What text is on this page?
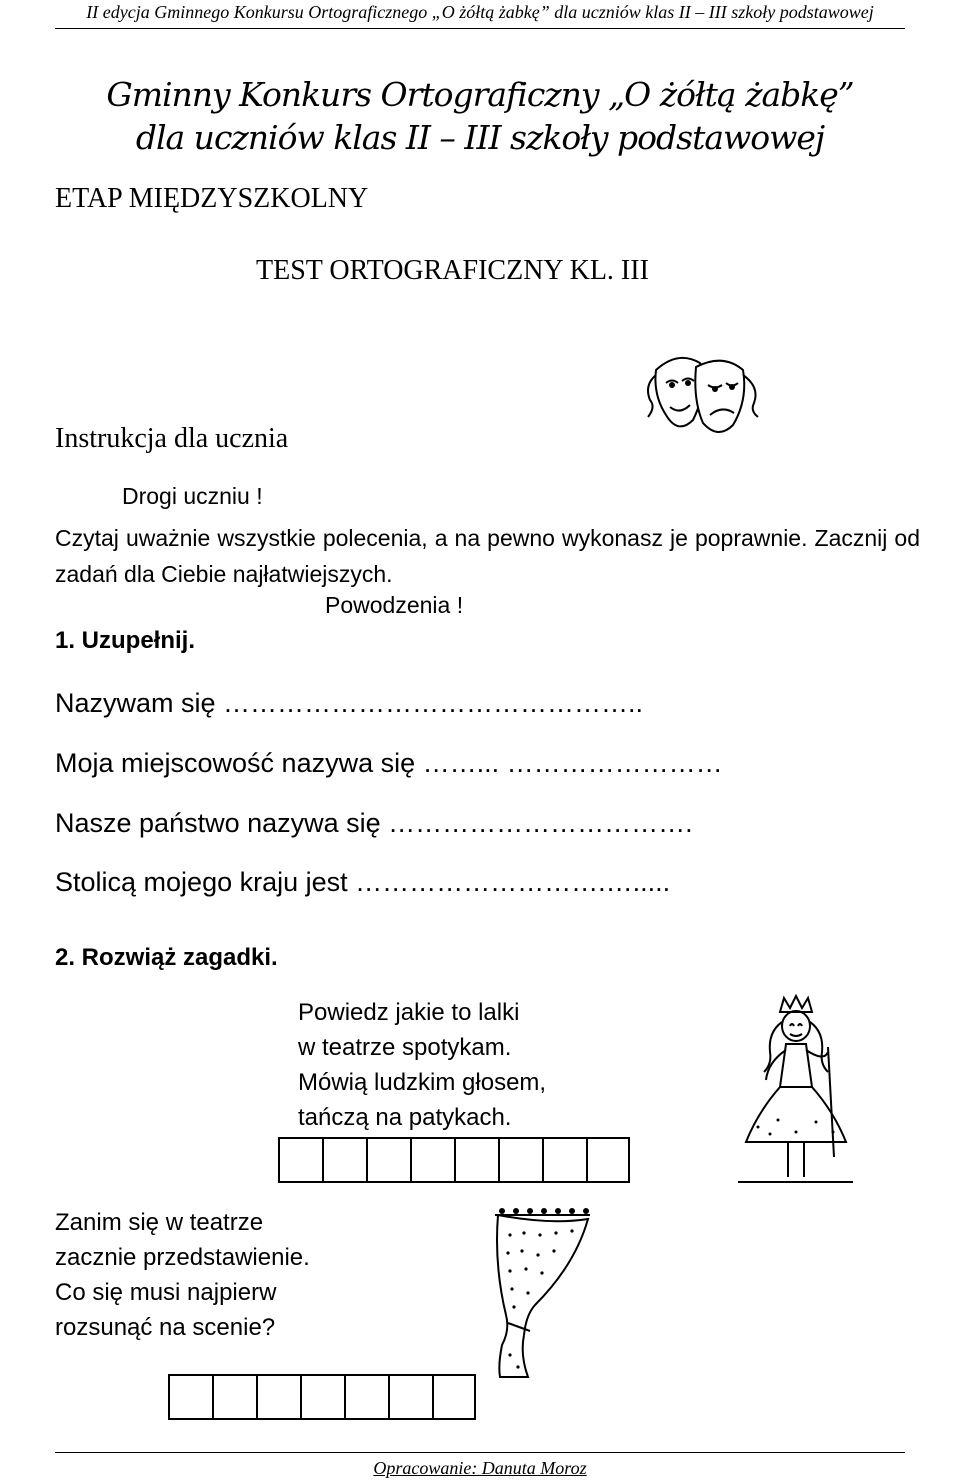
II edycja Gminnego Konkursu Ortograficznego „O żółtą żabkę” dla uczniów klas II – III szkoły podstawowej
Gminny Konkurs Ortograficzny „O żółtą żabkę”
dla uczniów klas II – III szkoły podstawowej
ETAP MIĘDZYSZKOLNY
TEST ORTOGRAFICZNY KL. III
Instrukcja dla ucznia
Drogi uczniu !
Czytaj uważnie wszystkie polecenia, a na pewno wykonasz je poprawnie. Zacznij od zadań dla Ciebie najłatwiejszych.
Powodzenia !
1. Uzupełnij.
Nazywam się ………………………………………..
Moja miejscowość nazywa się ……... ……………………
Nasze państwo nazywa się …………………………….
Stolicą mojego kraju jest ……………………….….....
2. Rozwiąż zagadki.
Powiedz jakie to lalki
w teatrze spotykam.
Mówią ludzkim głosem,
tańczą na patykach.
Zanim się w teatrze
zacznie przedstawienie.
Co się musi najpierw
rozsunąć na scenie?
Opracowanie: Danuta Moroz
